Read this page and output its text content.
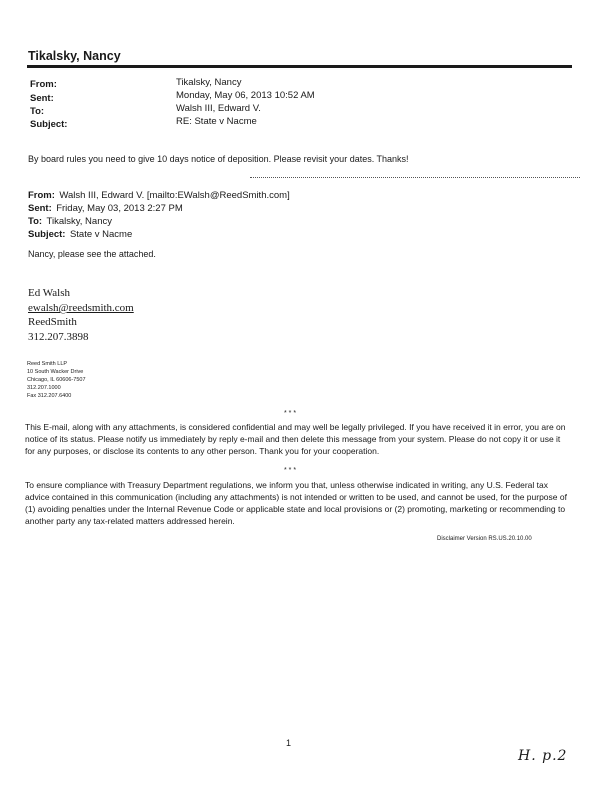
Tikalsky, Nancy
From:	Tikalsky, Nancy
Sent:	Monday, May 06, 2013 10:52 AM
To:	Walsh III, Edward V.
Subject:	RE: State v Nacme
By board rules you need to give 10 days notice of deposition. Please revisit your dates. Thanks!
From: Walsh III, Edward V. [mailto:EWalsh@ReedSmith.com]
Sent: Friday, May 03, 2013 2:27 PM
To: Tikalsky, Nancy
Subject: State v Nacme
Nancy, please see the attached.
Ed Walsh
ewalsh@reedsmith.com
ReedSmith
312.207.3898
Reed Smith LLP
10 South Wacker Drive
Chicago, IL 60606-7507
312.207.1000
Fax 312.207.6400
* * *
This E-mail, along with any attachments, is considered confidential and may well be legally privileged. If you have received it in error, you are on notice of its status. Please notify us immediately by reply e-mail and then delete this message from your system. Please do not copy it or use it for any purposes, or disclose its contents to any other person. Thank you for your cooperation.
* * *
To ensure compliance with Treasury Department regulations, we inform you that, unless otherwise indicated in writing, any U.S. Federal tax advice contained in this communication (including any attachments) is not intended or written to be used, and cannot be used, for the purpose of (1) avoiding penalties under the Internal Revenue Code or applicable state and local provisions or (2) promoting, marketing or recommending to another party any tax-related matters addressed herein.
Disclaimer Version RS.US.20.10.00
1
H. p.2
